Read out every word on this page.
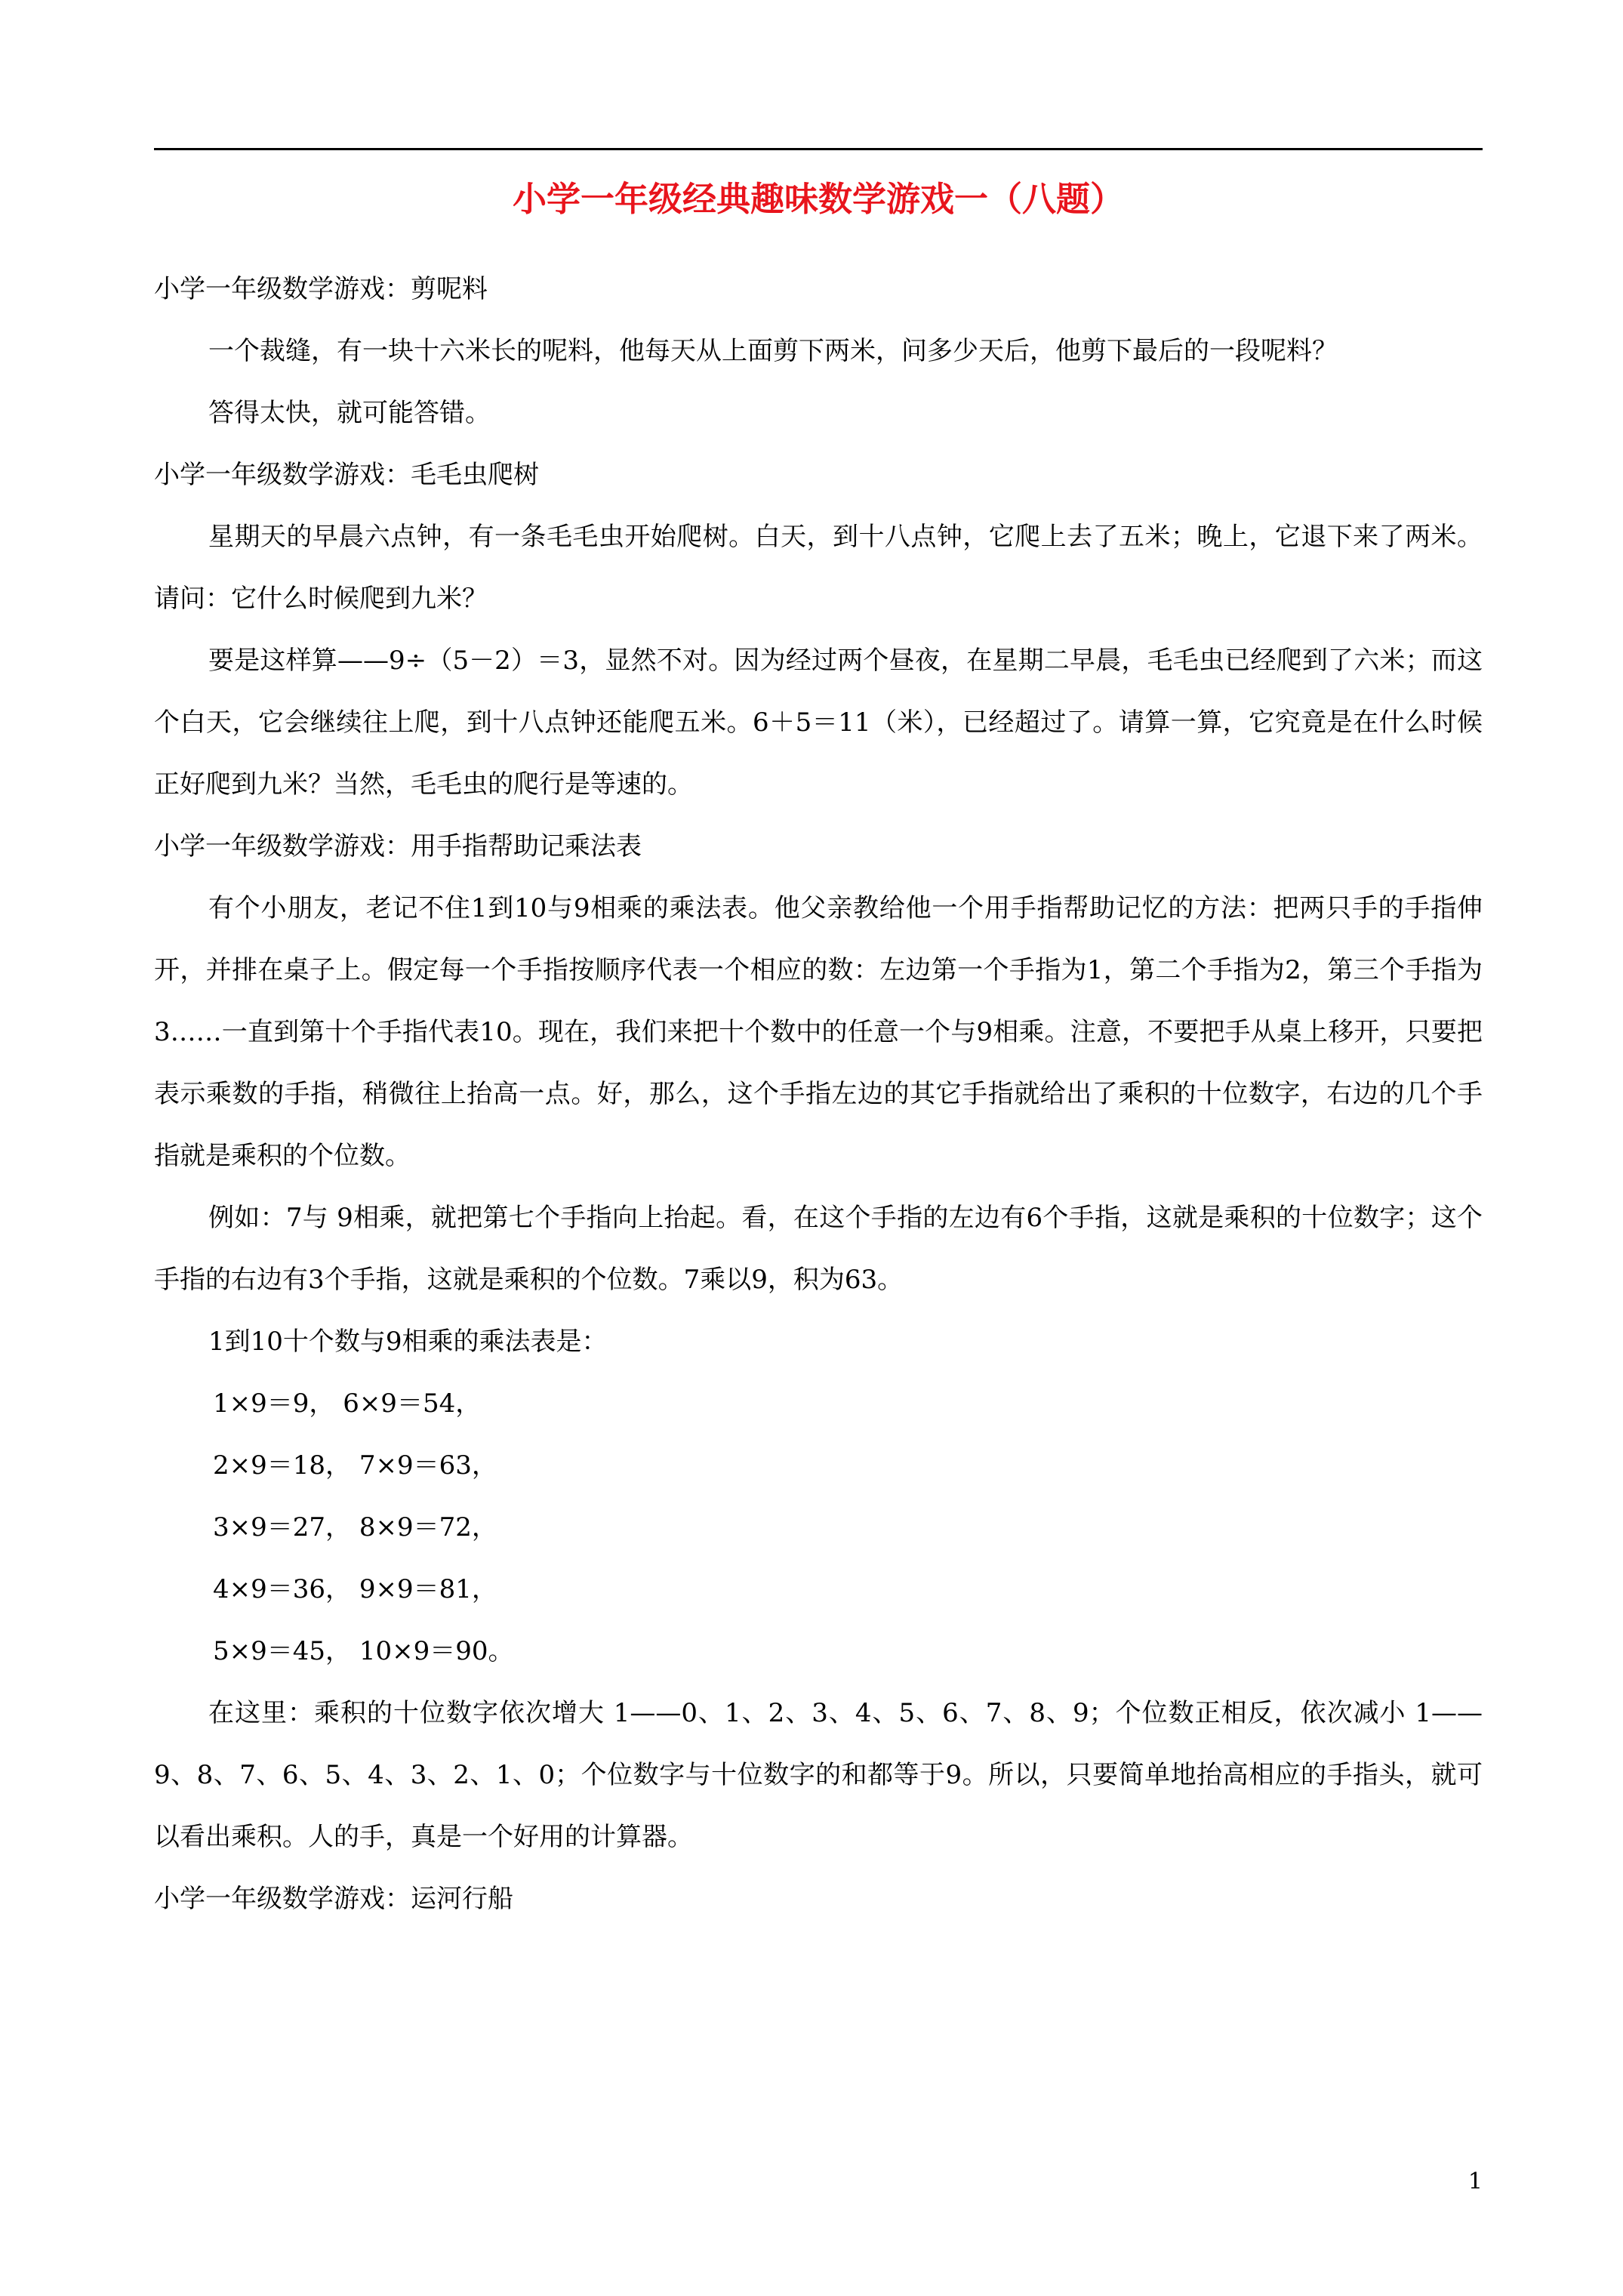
小学一年级经典趣味数学游戏一（八题）

小学一年级数学游戏：剪呢料

一个裁缝，有一块十六米长的呢料，他每天从上面剪下两米，问多少天后，他剪下最后的一段呢料？

答得太快，就可能答错。

小学一年级数学游戏：毛毛虫爬树

星期天的早晨六点钟，有一条毛毛虫开始爬树。白天，到十八点钟，它爬上去了五米；晚上，它退下来了两米。请问：它什么时候爬到九米？

要是这样算——9÷（5－2）＝3，显然不对。因为经过两个昼夜，在星期二早晨，毛毛虫已经爬到了六米；而这个白天，它会继续往上爬，到十八点钟还能爬五米。6＋5＝11（米），已经超过了。请算一算，它究竟是在什么时候正好爬到九米？当然，毛毛虫的爬行是等速的。

小学一年级数学游戏：用手指帮助记乘法表

有个小朋友，老记不住1到10与9相乘的乘法表。他父亲教给他一个用手指帮助记忆的方法：把两只手的手指伸开，并排在桌子上。假定每一个手指按顺序代表一个相应的数：左边第一个手指为1，第二个手指为2，第三个手指为3……一直到第十个手指代表10。现在，我们来把十个数中的任意一个与9相乘。注意，不要把手从桌上移开，只要把表示乘数的手指，稍微往上抬高一点。好，那么，这个手指左边的其它手指就给出了乘积的十位数字，右边的几个手指就是乘积的个位数。

例如：7与 9相乘，就把第七个手指向上抬起。看，在这个手指的左边有6个手指，这就是乘积的十位数字；这个手指的右边有3个手指，这就是乘积的个位数。7乘以9，积为63。

1到10十个数与9相乘的乘法表是：

1×9＝9， 6×9＝54，

2×9＝18， 7×9＝63，

3×9＝27， 8×9＝72，

4×9＝36， 9×9＝81，

5×9＝45， 10×9＝90。

在这里：乘积的十位数字依次增大 1——0、1、2、3、4、5、6、7、8、9；个位数正相反，依次减小 1——9、8、7、6、5、4、3、2、1、0；个位数字与十位数字的和都等于9。所以，只要简单地抬高相应的手指头，就可以看出乘积。人的手，真是一个好用的计算器。

小学一年级数学游戏：运河行船

1
